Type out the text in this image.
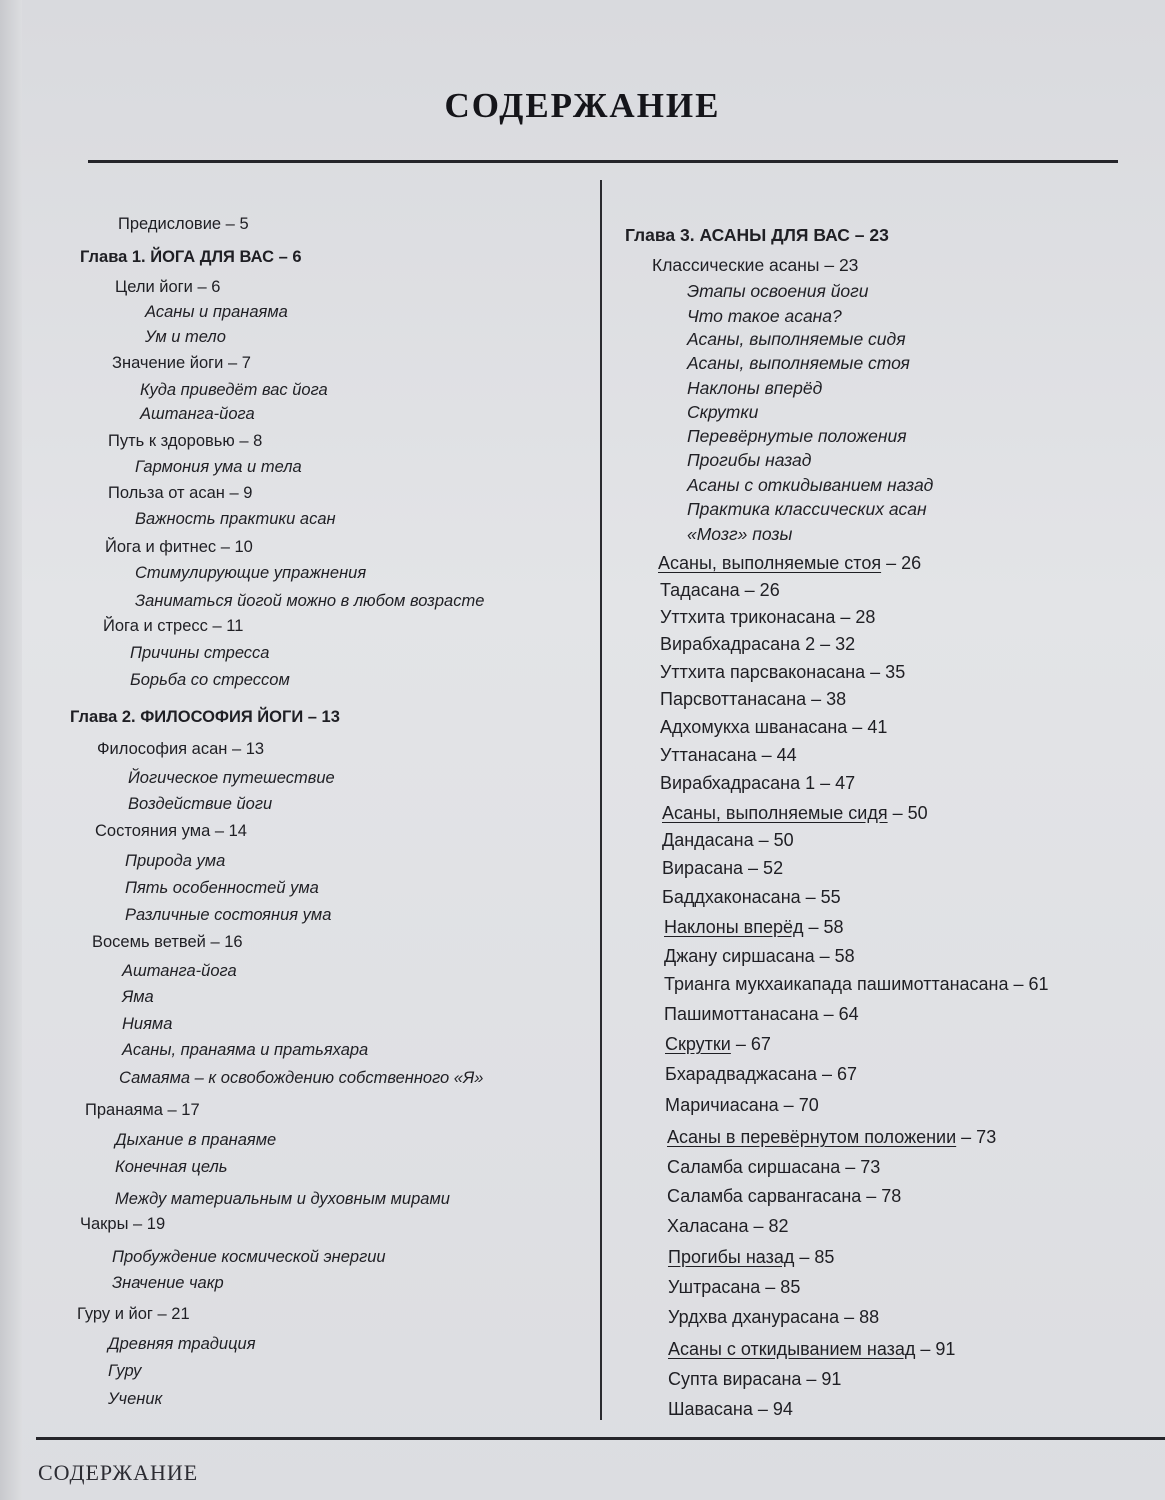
СОДЕРЖАНИЕ
Предисловие – 5
Глава 1. ЙОГА ДЛЯ ВАС – 6
Цели йоги – 6
Асаны и пранаяма
Ум и тело
Значение йоги – 7
Куда приведёт вас йога
Аштанга-йога
Путь к здоровью – 8
Гармония ума и тела
Польза от асан – 9
Важность практики асан
Йога и фитнес – 10
Стимулирующие упражнения
Заниматься йогой можно в любом возрасте
Йога и стресс – 11
Причины стресса
Борьба со стрессом
Глава 2. ФИЛОСОФИЯ ЙОГИ – 13
Философия асан – 13
Йогическое путешествие
Воздействие йоги
Состояния ума – 14
Природа ума
Пять особенностей ума
Различные состояния ума
Восемь ветвей – 16
Аштанга-йога
Яма
Нияма
Асаны, пранаяма и пратьяхара
Самаяма – к освобождению собственного «Я»
Пранаяма – 17
Дыхание в пранаяме
Конечная цель
Между материальным и духовным мирами
Чакры – 19
Пробуждение космической энергии
Значение чакр
Гуру и йог – 21
Древняя традиция
Гуру
Ученик
Глава 3. АСАНЫ ДЛЯ ВАС – 23
Классические асаны – 23
Этапы освоения йоги
Что такое асана?
Асаны, выполняемые сидя
Асаны, выполняемые стоя
Наклоны вперёд
Скрутки
Перевёрнутые положения
Прогибы назад
Асаны с откидыванием назад
Практика классических асан
«Мозг» позы
Асаны, выполняемые стоя – 26
Тадасана – 26
Уттхита триконасана – 28
Вирабхадрасана 2 – 32
Уттхита парсваконасана – 35
Парсвоттанасана – 38
Адхомукха шванасана – 41
Уттанасана – 44
Вирабхадрасана 1 – 47
Асаны, выполняемые сидя – 50
Дандасана – 50
Вирасана – 52
Баддхаконасана – 55
Наклоны вперёд – 58
Джану сиршасана – 58
Трианга мукхаикапада пашимоттанасана – 61
Пашимоттанасана – 64
Скрутки – 67
Бхарадваджасана – 67
Маричиасана – 70
Асаны в перевёрнутом положении – 73
Саламба сиршасана – 73
Саламба сарвангасана – 78
Халасана – 82
Прогибы назад – 85
Уштрасана – 85
Урдхва дханурасана – 88
Асаны с откидыванием назад – 91
Супта вирасана – 91
Шавасана – 94
СОДЕРЖАНИЕ
